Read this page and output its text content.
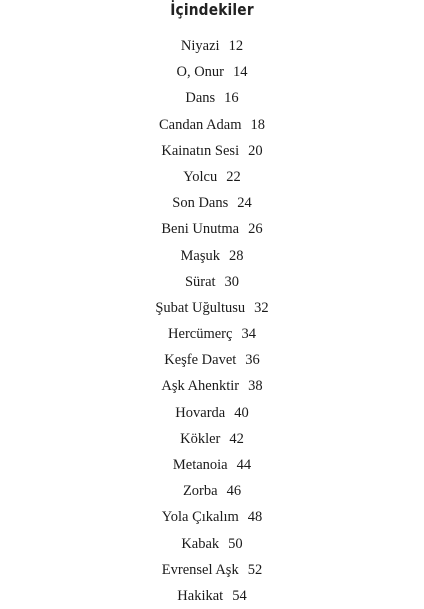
İçindekiler
Niyazi 12
O, Onur 14
Dans 16
Candan Adam 18
Kainatın Sesi 20
Yolcu 22
Son Dans 24
Beni Unutma 26
Maşuk 28
Sürat 30
Şubat Uğultusu 32
Hercümerç 34
Keşfe Davet 36
Aşk Ahenktir 38
Hovarda 40
Kökler 42
Metanoia 44
Zorba 46
Yola Çıkalım 48
Kabak 50
Evrensel Aşk 52
Hakikat 54
